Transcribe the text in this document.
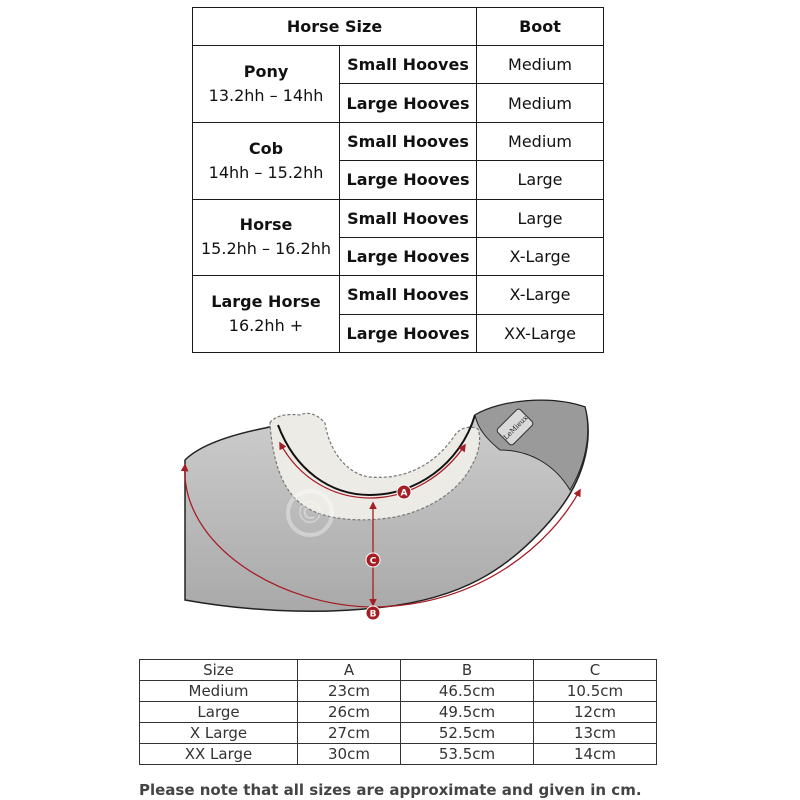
Horse Size		Boot

Pony
13.2hh – 14hh	Small Hooves	Medium
	Large Hooves	Medium

Cob
14hh – 15.2hh	Small Hooves	Medium
	Large Hooves	Large

Horse
15.2hh – 16.2hh	Small Hooves	Large
	Large Hooves	X-Large

Large Horse
16.2hh +	Small Hooves	X-Large
	Large Hooves	XX-Large
LeMieux
©
A
C
B
Size	A	B	C
Medium	23cm	46.5cm	10.5cm
Large	26cm	49.5cm	12cm
X Large	27cm	52.5cm	13cm
XX Large	30cm	53.5cm	14cm
Please note that all sizes are approximate and given in cm.
